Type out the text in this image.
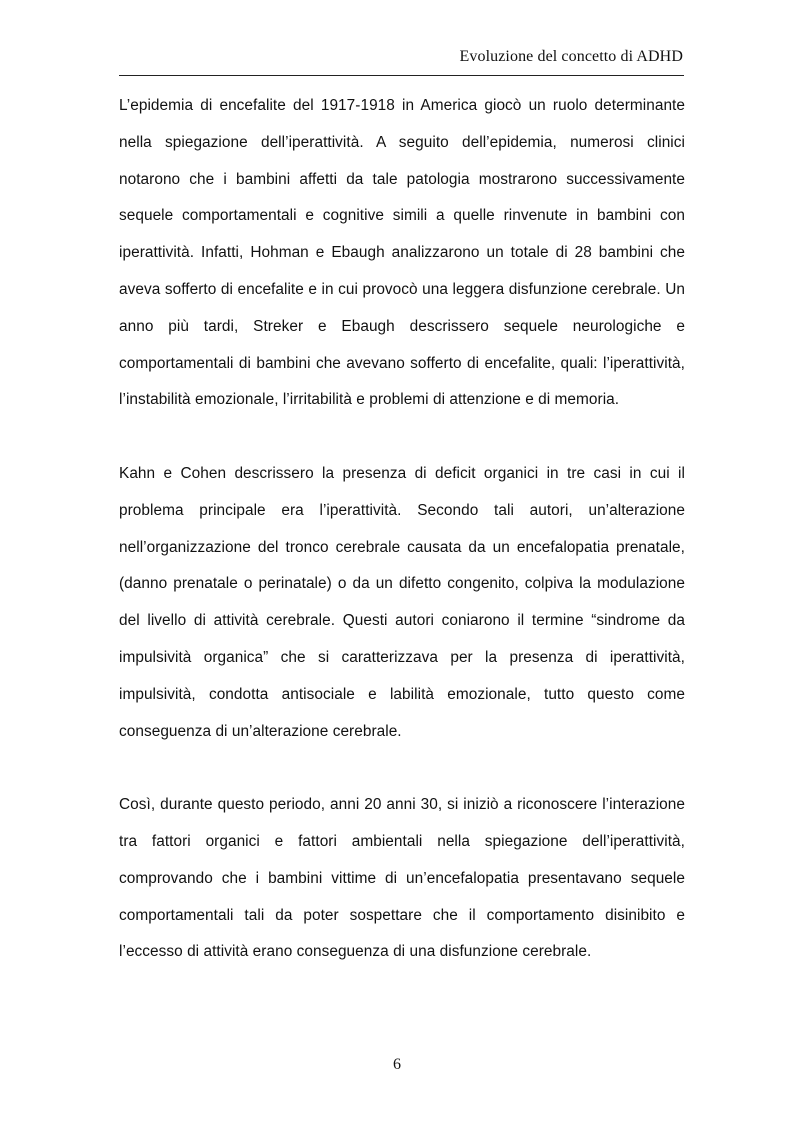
Evoluzione del concetto di ADHD

L’epidemia di encefalite del 1917-1918 in America giocò un ruolo determinante nella spiegazione dell’iperattività. A seguito dell’epidemia, numerosi clinici notarono che i bambini affetti da tale patologia mostrarono successivamente sequele comportamentali e cognitive simili a quelle rinvenute in bambini con iperattività. Infatti, Hohman e Ebaugh analizzarono un totale di 28 bambini che aveva sofferto di encefalite e in cui provocò una leggera disfunzione cerebrale. Un anno più tardi, Streker e Ebaugh descrissero sequele neurologiche e comportamentali di bambini che avevano sofferto di encefalite, quali: l’iperattività, l’instabilità emozionale, l’irritabilità e problemi di attenzione e di memoria.

Kahn e Cohen descrissero la presenza di deficit organici in tre casi in cui il problema principale era l’iperattività. Secondo tali autori, un’alterazione nell’organizzazione del tronco cerebrale causata da un encefalopatia prenatale, (danno prenatale o perinatale) o da un difetto congenito, colpiva la modulazione del livello di attività cerebrale. Questi autori coniarono il termine “sindrome da impulsività organica” che si caratterizzava per la presenza di iperattività, impulsività, condotta antisociale e labilità emozionale, tutto questo come conseguenza di un’alterazione cerebrale.

Così, durante questo periodo, anni 20 anni 30, si iniziò a riconoscere l’interazione tra fattori organici e fattori ambientali nella spiegazione dell’iperattività, comprovando che i bambini vittime di un’encefalopatia presentavano sequele comportamentali tali da poter sospettare che il comportamento disinibito e l’eccesso di attività erano conseguenza di una disfunzione cerebrale.

6
